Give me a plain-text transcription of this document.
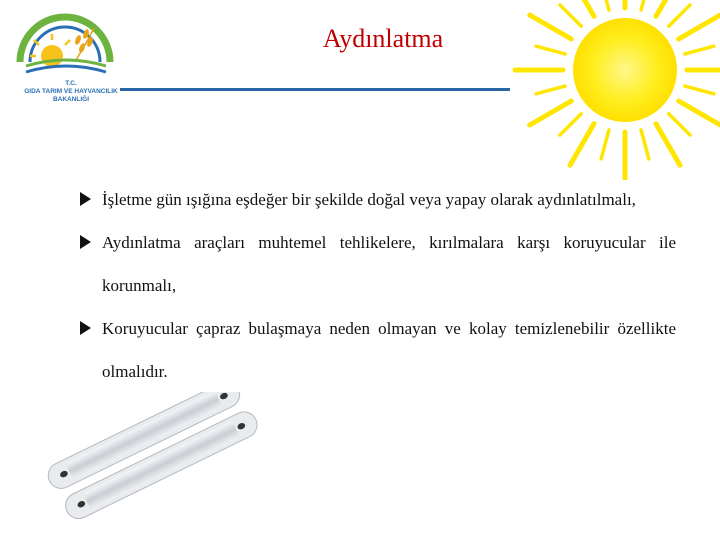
T.C.
GIDA TARIM VE HAYVANCILIK
BAKANLIĞI
Aydınlatma
İşletme gün ışığına eşdeğer bir şekilde doğal veya yapay olarak aydınlatılmalı,
Aydınlatma araçları muhtemel tehlikelere, kırılmalara karşı koruyucular ile korunmalı,
Koruyucular çapraz bulaşmaya neden olmayan ve kolay temizlenebilir özellikte olmalıdır.
